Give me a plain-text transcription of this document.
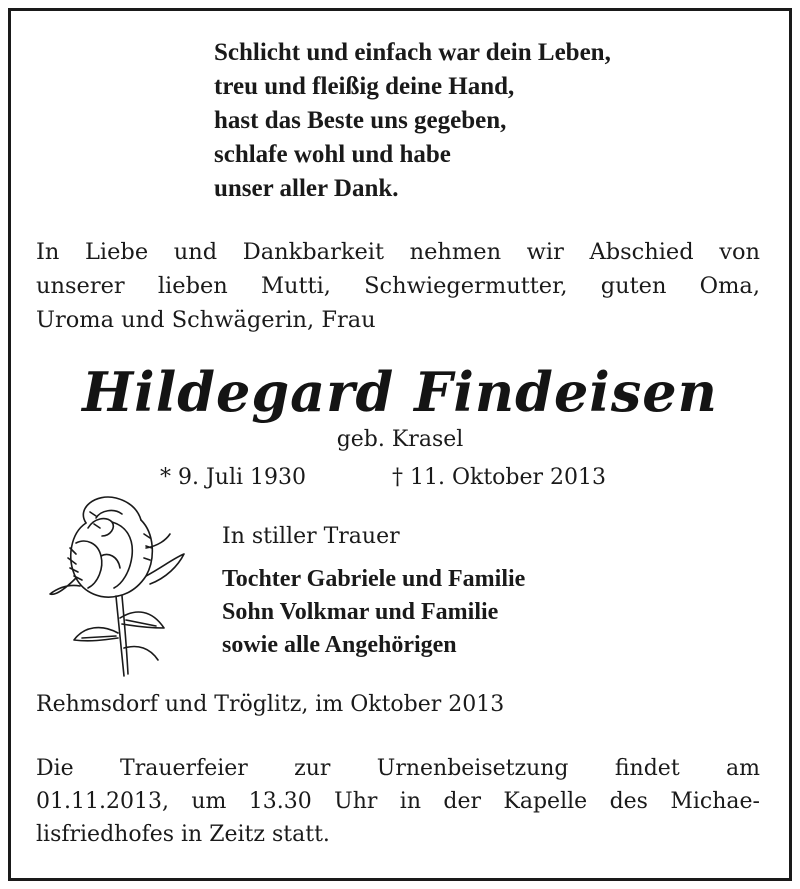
Schlicht und einfach war dein Leben,
treu und fleißig deine Hand,
hast das Beste uns gegeben,
schlafe wohl und habe
unser aller Dank.
In Liebe und Dankbarkeit nehmen wir Abschied von
unserer lieben Mutti, Schwiegermutter, guten Oma,
Uroma und Schwägerin, Frau
Hildegard Findeisen
geb. Krasel
* 9. Juli 1930	† 11. Oktober 2013
In stiller Trauer
Tochter Gabriele und Familie
Sohn Volkmar und Familie
sowie alle Angehörigen
Rehmsdorf und Tröglitz, im Oktober 2013
Die Trauerfeier zur Urnenbeisetzung findet am
01.11.2013, um 13.30 Uhr in der Kapelle des Michae-
lisfriedhofes in Zeitz statt.
